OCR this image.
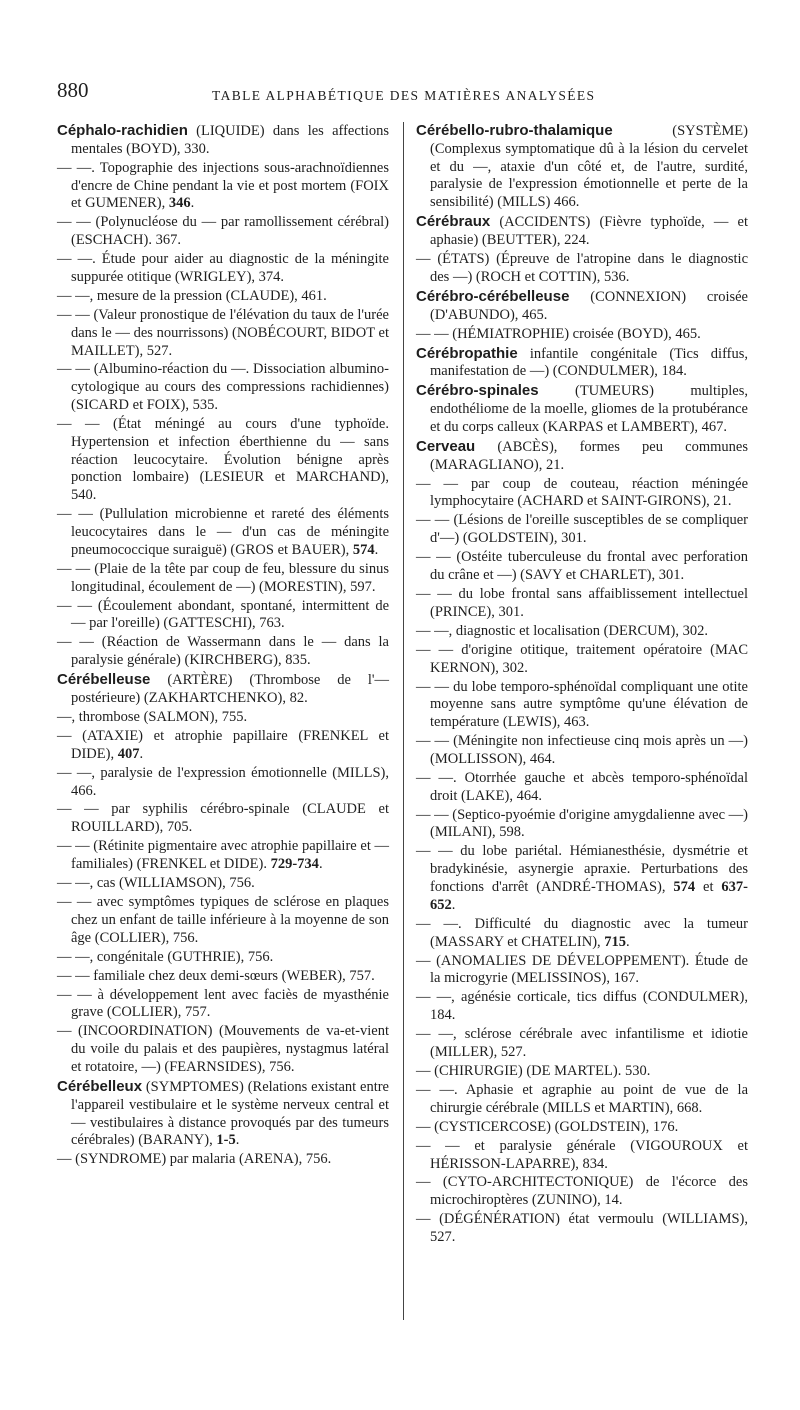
880	TABLE ALPHABÉTIQUE DES MATIÈRES ANALYSÉES

Céphalo-rachidien (LIQUIDE) dans les affections mentales (BOYD), 330.

— —. Topographie des injections sous-arachnoïdiennes d'encre de Chine pendant la vie et post mortem (FOIX et GUMENER), 346.

— — (Polynucléose du — par ramollissement cérébral) (ESCHACH). 367.

— —. Étude pour aider au diagnostic de la méningite suppurée otitique (WRIGLEY), 374.

— —, mesure de la pression (CLAUDE), 461.

— — (Valeur pronostique de l'élévation du taux de l'urée dans le — des nourrissons) (NOBÉCOURT, BIDOT et MAILLET), 527.

— — (Albumino-réaction du —. Dissociation albumino-cytologique au cours des compressions rachidiennes) (SICARD et FOIX), 535.

— — (État méningé au cours d'une typhoïde. Hypertension et infection éberthienne du — sans réaction leucocytaire. Évolution bénigne après ponction lombaire) (LESIEUR et MARCHAND), 540.

— — (Pullulation microbienne et rareté des éléments leucocytaires dans le — d'un cas de méningite pneumococcique suraiguë) (GROS et BAUER), 574.

— — (Plaie de la tête par coup de feu, blessure du sinus longitudinal, écoulement de —) (MORESTIN), 597.

— — (Écoulement abondant, spontané, intermittent de — par l'oreille) (GATTESCHI), 763.

— — (Réaction de Wassermann dans le — dans la paralysie générale) (KIRCHBERG), 835.

Cérébelleuse (ARTÈRE) (Thrombose de l'— postérieure) (ZAKHARTCHENKO), 82.

—, thrombose (SALMON), 755.

— (ATAXIE) et atrophie papillaire (FRENKEL et DIDE), 407.

— —, paralysie de l'expression émotionnelle (MILLS), 466.

— — par syphilis cérébro-spinale (CLAUDE et ROUILLARD), 705.

— — (Rétinite pigmentaire avec atrophie papillaire et — familiales) (FRENKEL et DIDE). 729-734.

— —, cas (WILLIAMSON), 756.

— — avec symptômes typiques de sclérose en plaques chez un enfant de taille inférieure à la moyenne de son âge (COLLIER), 756.

— —, congénitale (GUTHRIE), 756.

— — familiale chez deux demi-sœurs (WEBER), 757.

— — à développement lent avec faciès de myasthénie grave (COLLIER), 757.

— (INCOORDINATION) (Mouvements de va-et-vient du voile du palais et des paupières, nystagmus latéral et rotatoire, —) (FEARNSIDES), 756.

Cérébelleux (SYMPTOMES) (Relations existant entre l'appareil vestibulaire et le système nerveux central et — vestibulaires à distance provoqués par des tumeurs cérébrales) (BARANY), 1-5.

— (SYNDROME) par malaria (ARENA), 756.

Cérébello-rubro-thalamique (SYSTÈME) (Complexus symptomatique dû à la lésion du cervelet et du —, ataxie d'un côté et, de l'autre, surdité, paralysie de l'expression émotionnelle et perte de la sensibilité) (MILLS) 466.

Cérébraux (ACCIDENTS) (Fièvre typhoïde, — et aphasie) (BEUTTER), 224.

— (ÉTATS) (Épreuve de l'atropine dans le diagnostic des —) (ROCH et COTTIN), 536.

Cérébro-cérébelleuse (CONNEXION) croisée (D'ABUNDO), 465.

— — (HÉMIATROPHIE) croisée (BOYD), 465.

Cérébropathie infantile congénitale (Tics diffus, manifestation de —) (CONDULMER), 184.

Cérébro-spinales (TUMEURS) multiples, endothéliome de la moelle, gliomes de la protubérance et du corps calleux (KARPAS et LAMBERT), 467.

Cerveau (ABCÈS), formes peu communes (MARAGLIANO), 21.

— — par coup de couteau, réaction méningée lymphocytaire (ACHARD et SAINT-GIRONS), 21.

— — (Lésions de l'oreille susceptibles de se compliquer d'—) (GOLDSTEIN), 301.

— — (Ostéite tuberculeuse du frontal avec perforation du crâne et —) (SAVY et CHARLET), 301.

— — du lobe frontal sans affaiblissement intellectuel (PRINCE), 301.

— —, diagnostic et localisation (DERCUM), 302.

— — d'origine otitique, traitement opératoire (MAC KERNON), 302.

— — du lobe temporo-sphénoïdal compliquant une otite moyenne sans autre symptôme qu'une élévation de température (LEWIS), 463.

— — (Méningite non infectieuse cinq mois après un —) (MOLLISSON), 464.

— —. Otorrhée gauche et abcès temporo-sphénoïdal droit (LAKE), 464.

— — (Septico-pyoémie d'origine amygdalienne avec —) (MILANI), 598.

— — du lobe pariétal. Hémianesthésie, dysmétrie et bradykinésie, asynergie apraxie. Perturbations des fonctions d'arrêt (ANDRÉ-THOMAS), 574 et 637-652.

— —. Difficulté du diagnostic avec la tumeur (MASSARY et CHATELIN), 715.

— (ANOMALIES DE DÉVELOPPEMENT). Étude de la microgyrie (MELISSINOS), 167.

— —, agénésie corticale, tics diffus (CONDULMER), 184.

— —, sclérose cérébrale avec infantilisme et idiotie (MILLER), 527.

— (CHIRURGIE) (DE MARTEL). 530.

— —. Aphasie et agraphie au point de vue de la chirurgie cérébrale (MILLS et MARTIN), 668.

— (CYSTICERCOSE) (GOLDSTEIN), 176.

— — et paralysie générale (VIGOUROUX et HÉRISSON-LAPARRE), 834.

— (CYTO-ARCHITECTONIQUE) de l'écorce des microchiroptères (ZUNINO), 14.

— (DÉGÉNÉRATION) état vermoulu (WILLIAMS), 527.
